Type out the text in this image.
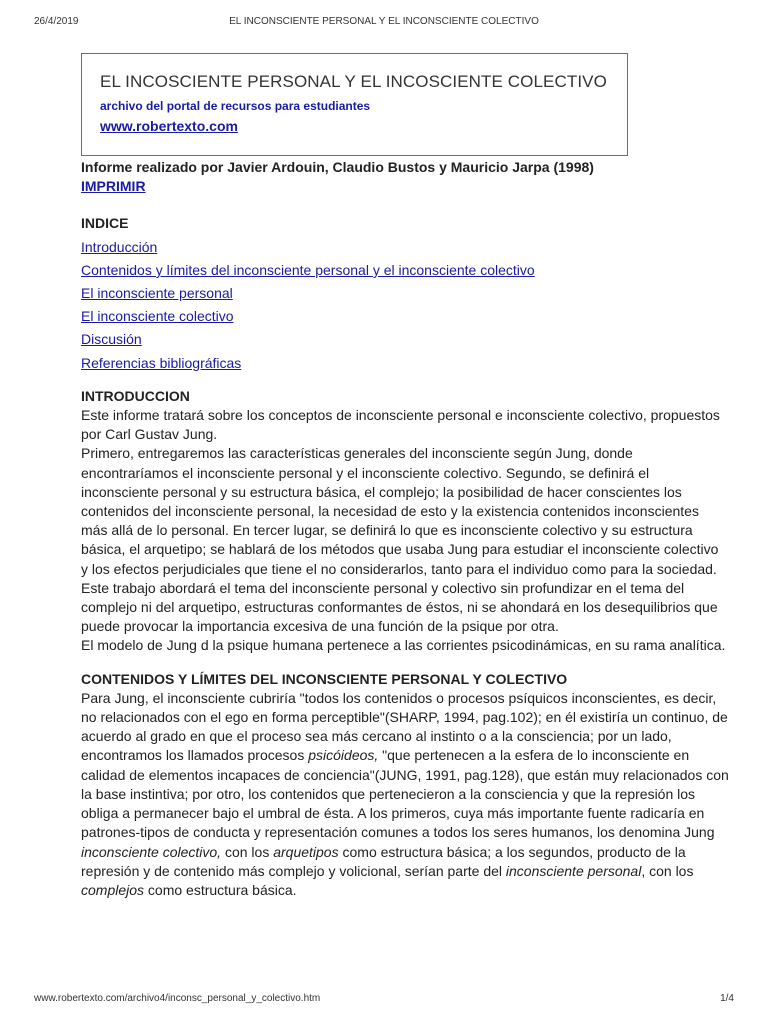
26/4/2019	EL INCONSCIENTE PERSONAL Y EL INCONSCIENTE COLECTIVO
EL INCOSCIENTE PERSONAL Y EL INCOSCIENTE COLECTIVO
archivo del portal de recursos para estudiantes
www.robertexto.com
Informe realizado por Javier Ardouin, Claudio Bustos y Mauricio Jarpa (1998)
IMPRIMIR
INDICE
Introducción
Contenidos y límites del inconsciente personal y el inconsciente colectivo
El inconsciente personal
El inconsciente colectivo
Discusión
Referencias bibliográficas
INTRODUCCION

Este informe tratará sobre los conceptos de inconsciente personal e inconsciente colectivo, propuestos por Carl Gustav Jung.

Primero, entregaremos las características generales del inconsciente según Jung, donde encontraríamos el inconsciente personal y el inconsciente colectivo. Segundo, se definirá el inconsciente personal y su estructura básica, el complejo; la posibilidad de hacer conscientes los contenidos del inconsciente personal, la necesidad de esto y la existencia contenidos inconscientes más allá de lo personal. En tercer lugar, se definirá lo que es inconsciente colectivo y su estructura básica, el arquetipo; se hablará de los métodos que usaba Jung para estudiar el inconsciente colectivo y los efectos perjudiciales que tiene el no considerarlos, tanto para el individuo como para la sociedad.

Este trabajo abordará el tema del inconsciente personal y colectivo sin profundizar en el tema del complejo ni del arquetipo, estructuras conformantes de éstos, ni se ahondará en los desequilibrios que puede provocar la importancia excesiva de una función de la psique por otra.

El modelo de Jung d la psique humana pertenece a las corrientes psicodinámicas, en su rama analítica.

CONTENIDOS Y LÍMITES DEL INCONSCIENTE PERSONAL Y COLECTIVO

Para Jung, el inconsciente cubriría "todos los contenidos o procesos psíquicos inconscientes, es decir, no relacionados con el ego en forma perceptible"(SHARP, 1994, pag.102); en él existiría un continuo, de acuerdo al grado en que el proceso sea más cercano al instinto o a la consciencia; por un lado, encontramos los llamados procesos psicóideos, "que pertenecen a la esfera de lo inconsciente en calidad de elementos incapaces de conciencia"(JUNG, 1991, pag.128), que están muy relacionados con la base instintiva; por otro, los contenidos que pertenecieron a la consciencia y que la represión los obliga a permanecer bajo el umbral de ésta. A los primeros, cuya más importante fuente radicaría en patrones-tipos de conducta y representación comunes a todos los seres humanos, los denomina Jung inconsciente colectivo, con los arquetipos como estructura básica; a los segundos, producto de la represión y de contenido más complejo y volicional, serían parte del inconsciente personal, con los complejos como estructura básica.

www.robertexto.com/archivo4/inconsc_personal_y_colectivo.htm	1/4
